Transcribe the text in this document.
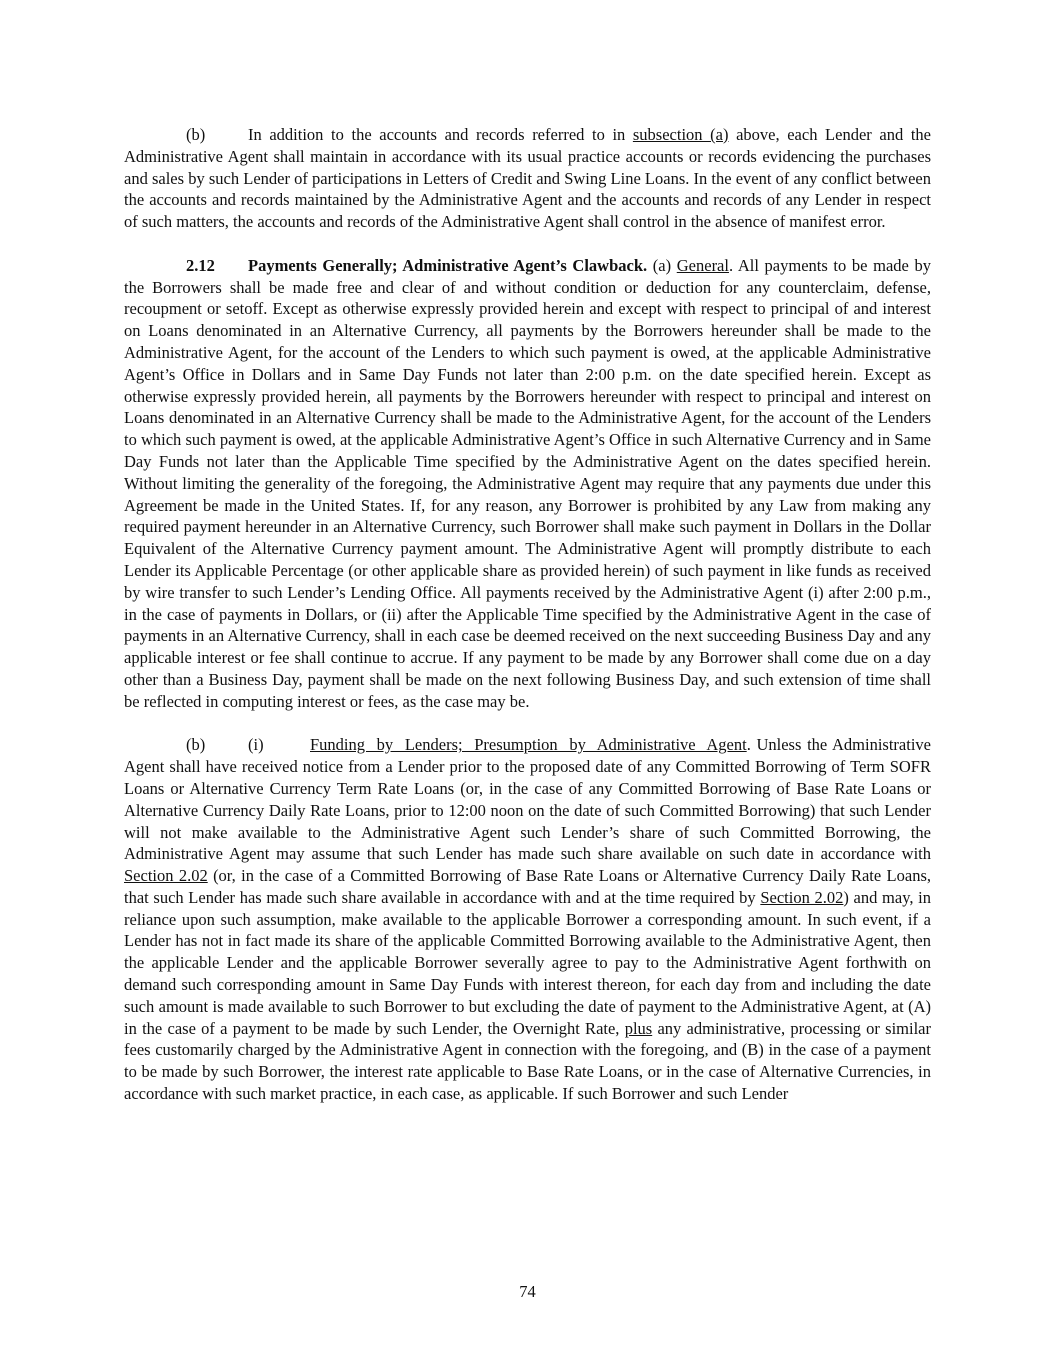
(b)	In addition to the accounts and records referred to in subsection (a) above, each Lender and the Administrative Agent shall maintain in accordance with its usual practice accounts or records evidencing the purchases and sales by such Lender of participations in Letters of Credit and Swing Line Loans. In the event of any conflict between the accounts and records maintained by the Administrative Agent and the accounts and records of any Lender in respect of such matters, the accounts and records of the Administrative Agent shall control in the absence of manifest error.

2.12 Payments Generally; Administrative Agent’s Clawback. (a) General. All payments to be made by the Borrowers shall be made free and clear of and without condition or deduction for any counterclaim, defense, recoupment or setoff. Except as otherwise expressly provided herein and except with respect to principal of and interest on Loans denominated in an Alternative Currency, all payments by the Borrowers hereunder shall be made to the Administrative Agent, for the account of the Lenders to which such payment is owed, at the applicable Administrative Agent’s Office in Dollars and in Same Day Funds not later than 2:00 p.m. on the date specified herein. Except as otherwise expressly provided herein, all payments by the Borrowers hereunder with respect to principal and interest on Loans denominated in an Alternative Currency shall be made to the Administrative Agent, for the account of the Lenders to which such payment is owed, at the applicable Administrative Agent’s Office in such Alternative Currency and in Same Day Funds not later than the Applicable Time specified by the Administrative Agent on the dates specified herein. Without limiting the generality of the foregoing, the Administrative Agent may require that any payments due under this Agreement be made in the United States. If, for any reason, any Borrower is prohibited by any Law from making any required payment hereunder in an Alternative Currency, such Borrower shall make such payment in Dollars in the Dollar Equivalent of the Alternative Currency payment amount. The Administrative Agent will promptly distribute to each Lender its Applicable Percentage (or other applicable share as provided herein) of such payment in like funds as received by wire transfer to such Lender’s Lending Office. All payments received by the Administrative Agent (i) after 2:00 p.m., in the case of payments in Dollars, or (ii) after the Applicable Time specified by the Administrative Agent in the case of payments in an Alternative Currency, shall in each case be deemed received on the next succeeding Business Day and any applicable interest or fee shall continue to accrue. If any payment to be made by any Borrower shall come due on a day other than a Business Day, payment shall be made on the next following Business Day, and such extension of time shall be reflected in computing interest or fees, as the case may be.

(b)	(i)	Funding by Lenders; Presumption by Administrative Agent. Unless the Administrative Agent shall have received notice from a Lender prior to the proposed date of any Committed Borrowing of Term SOFR Loans or Alternative Currency Term Rate Loans (or, in the case of any Committed Borrowing of Base Rate Loans or Alternative Currency Daily Rate Loans, prior to 12:00 noon on the date of such Committed Borrowing) that such Lender will not make available to the Administrative Agent such Lender’s share of such Committed Borrowing, the Administrative Agent may assume that such Lender has made such share available on such date in accordance with Section 2.02 (or, in the case of a Committed Borrowing of Base Rate Loans or Alternative Currency Daily Rate Loans, that such Lender has made such share available in accordance with and at the time required by Section 2.02) and may, in reliance upon such assumption, make available to the applicable Borrower a corresponding amount. In such event, if a Lender has not in fact made its share of the applicable Committed Borrowing available to the Administrative Agent, then the applicable Lender and the applicable Borrower severally agree to pay to the Administrative Agent forthwith on demand such corresponding amount in Same Day Funds with interest thereon, for each day from and including the date such amount is made available to such Borrower to but excluding the date of payment to the Administrative Agent, at (A) in the case of a payment to be made by such Lender, the Overnight Rate, plus any administrative, processing or similar fees customarily charged by the Administrative Agent in connection with the foregoing, and (B) in the case of a payment to be made by such Borrower, the interest rate applicable to Base Rate Loans, or in the case of Alternative Currencies, in accordance with such market practice, in each case, as applicable. If such Borrower and such Lender

74
